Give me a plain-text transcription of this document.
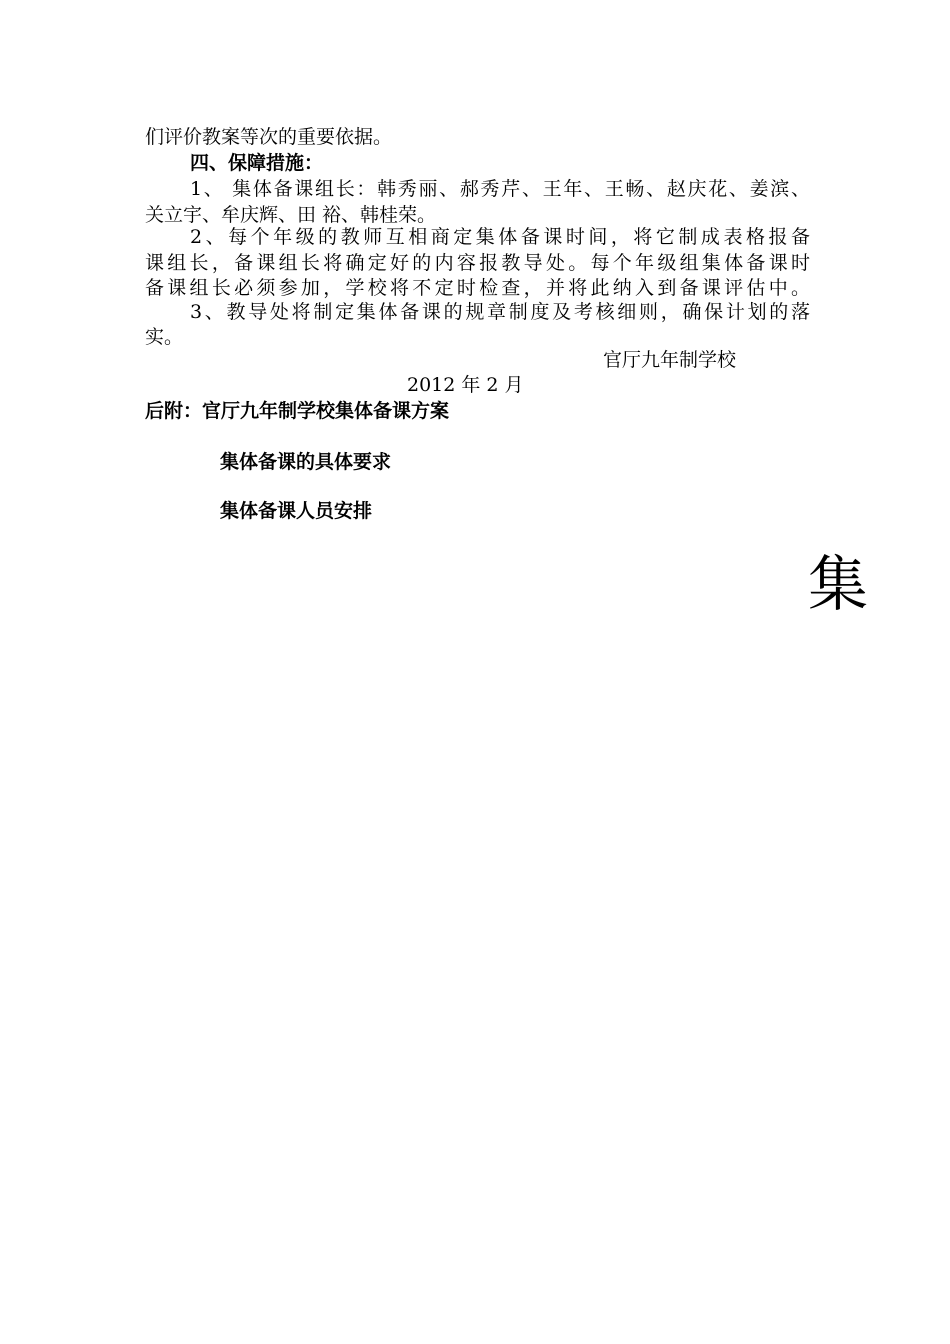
们评价教案等次的重要依据。
四、保障措施：
1、 集体备课组长：韩秀丽、郝秀芹、王年、王畅、赵庆花、姜滨、
关立宇、牟庆辉、田 裕、韩桂荣。
2、每个年级的教师互相商定集体备课时间，将它制成表格报备
课组长，备课组长将确定好的内容报教导处。每个年级组集体备课时
备课组长必须参加，学校将不定时检查，并将此纳入到备课评估中。
3、教导处将制定集体备课的规章制度及考核细则，确保计划的落
实。
官厅九年制学校
2012 年 2 月
后附：官厅九年制学校集体备课方案
集体备课的具体要求
集体备课人员安排
集
